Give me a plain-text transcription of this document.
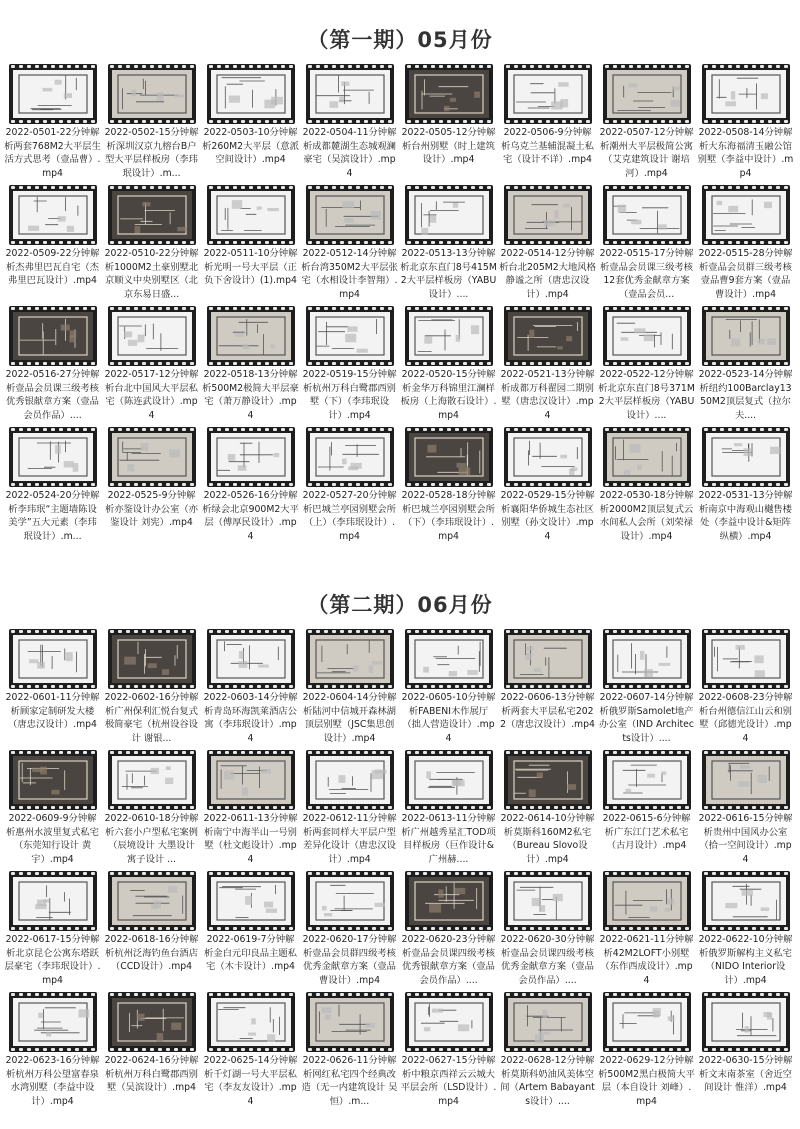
（第一期）05月份
2022-0501-22分钟解析两套768M2大平层生活方式思考（壹品曹）.mp4
2022-0502-15分钟解析深圳汉京九榕台B户型大平层样板房（李玮珉设计）.m...
2022-0503-10分钟解析260M2大平层（意派空间设计）.mp4
2022-0504-11分钟解析成都麓湖生态城观澜豪宅（吴滨设计）.mp4
2022-0505-12分钟解析台州别墅（时上建筑设计）.mp4
2022-0506-9分钟解析乌克兰基辅混凝土私宅（设计不详）.mp4
2022-0507-12分钟解析潮州大平层极简公寓（艾克建筑设计 谢培河）.mp4
2022-0508-14分钟解析大东海福清玉融公馆别墅（李益中设计）.mp4
2022-0509-22分钟解析杰弗里巴瓦自宅（杰弗里巴瓦设计）.mp4
2022-0510-22分钟解析1000M2土豪别墅北京顺义中央别墅区（北京东易日盛...
2022-0511-10分钟解析光明一号大平层（正负下舍设计）(1).mp4
2022-0512-14分钟解析台湾350M2大平层张宅（水相设计李智翔）.mp4
2022-0513-13分钟解析北京东直门8号415M2大平层样板房（YABU设计）....
2022-0514-12分钟解析台北205M2大地风格静谧之所（唐忠汉设计）.mp4
2022-0515-17分钟解析壹品会员课三级考核12套优秀金献章方案（壹品会员...
2022-0515-28分钟解析壹品会员群三级考核壹品曹9套方案（壹品曹设计）.mp4
2022-0516-27分钟解析壹品会员课三级考核优秀银献章方案（壹品会员作品）....
2022-0517-12分钟解析台北中国风大平层私宅（陈连武设计）.mp4
2022-0518-13分钟解析500M2极简大平层豪宅（萧万静设计）.mp4
2022-0519-15分钟解析杭州万科白鹭郡西别墅（下）（李玮珉设计）.mp4
2022-0520-15分钟解析金华万科锦里江澜样板房（上海散石设计）.mp4
2022-0521-13分钟解析成都万科翟园二期别墅（唐忠汉设计）.mp4
2022-0522-12分钟解析北京东直门8号371M2大平层样板房（YABU设计）....
2022-0523-14分钟解析纽约100Barclay1350M2顶层复式（拉尔夫....
2022-0524-20分钟解析李玮珉“主题墙陈设美学”五大元素（李玮珉设计）.m...
2022-0525-9分钟解析亦鉴设计办公室（亦鉴设计 刘宪）.mp4
2022-0526-16分钟解析绿会北京900M2大平层（傅厚民设计）.mp4
2022-0527-20分钟解析巴城兰亭园别墅会所（上）（李玮珉设计）.mp4
2022-0528-18分钟解析巴城兰亭园别墅会所（下）（李玮珉设计）.mp4
2022-0529-15分钟解析襄阳华侨城生态社区别墅（孙文设计）.mp4
2022-0530-18分钟解析2000M2顶层复式云水间私人会所（刘荣禄设计）.mp4
2022-0531-13分钟解析南京中海观山樾售楼处（李益中设计&矩阵纵横）.mp4
（第二期）06月份
2022-0601-11分钟解析顾家定制研发大楼（唐忠汉设计）.mp4
2022-0602-16分钟解析广州保利汇悦台复式极简豪宅（杭州设谷设计 谢银...
2022-0603-14分钟解析青岛环海凯莱酒店公寓（李玮珉设计）.mp4
2022-0604-14分钟解析陆河中信城开森林湖顶层别墅（JSC集思创设计）.mp4
2022-0605-10分钟解析FABENI木作展厅（拙人营造设计）.mp4
2022-0606-13分钟解析两套大平层私宅2022（唐忠汉设计）.mp4
2022-0607-14分钟解析俄罗斯Samolet地产办公室（IND Architects设计）....
2022-0608-23分钟解析台州德信江山云和别墅（邱德光设计）.mp4
2022-0609-9分钟解析惠州水波里复式私宅（东莞知行设计 黄宇）.mp4
2022-0610-18分钟解析六套小户型私宅案例（辰境设计 大墨设计 寓子设计 ...
2022-0611-13分钟解析南宁中海半山一号别墅（杜文彪设计）.mp4
2022-0612-11分钟解析两套同样大平层户型差异化设计（唐忠汉设计）.mp4
2022-0613-11分钟解析广州越秀星汇TOD项目样板房（巨作设计& 广州赫....
2022-0614-10分钟解析莫斯科160M2私宅（Bureau Slovo设计）.mp4
2022-0615-6分钟解析广东江门艺术私宅（古月设计）.mp4
2022-0616-15分钟解析贵州中国风办公室（拾一空间设计）.mp4
2022-0617-15分钟解析北京昆仑公寓东塔跃层豪宅（李玮珉设计）.mp4
2022-0618-16分钟解析杭州泛海钓鱼台酒店（CCD设计）.mp4
2022-0619-7分钟解析金白元印良品主题私宅（木卡设计）.mp4
2022-0620-17分钟解析壹品会员群四级考核优秀金献章方案（壹品曹设计）.mp4
2022-0620-23分钟解析壹品会员课四级考核优秀银献章方案（壹品会员作品）....
2022-0620-30分钟解析壹品会员课四级考核优秀金献章方案（壹品会员作品）....
2022-0621-11分钟解析42M2LOFT小别墅（东作西成设计）.mp4
2022-0622-10分钟解析俄罗斯解构主义私宅（NIDO Interior设计）.mp4
2022-0623-16分钟解析杭州万科公望富春泉水湾别墅（李益中设计）.mp4
2022-0624-16分钟解析杭州万科白鹭郡西别墅（吴滨设计）.mp4
2022-0625-14分钟解析千灯湖一号大平层私宅（李友友设计）.mp4
2022-0626-11分钟解析网红私宅四个经典改造（无一内建筑设计 吴恒）.m...
2022-0627-15分钟解析中粮京西祥云云城大平层会所（LSD设计）.mp4
2022-0628-12分钟解析莫斯科奶油风美体空间（Artem Babayants设计）....
2022-0629-12分钟解析500M2黑白极简大平层（本自设计 刘峰）.mp4
2022-0630-15分钟解析文末南茶室（舍近空间设计 惟洋）.mp4
